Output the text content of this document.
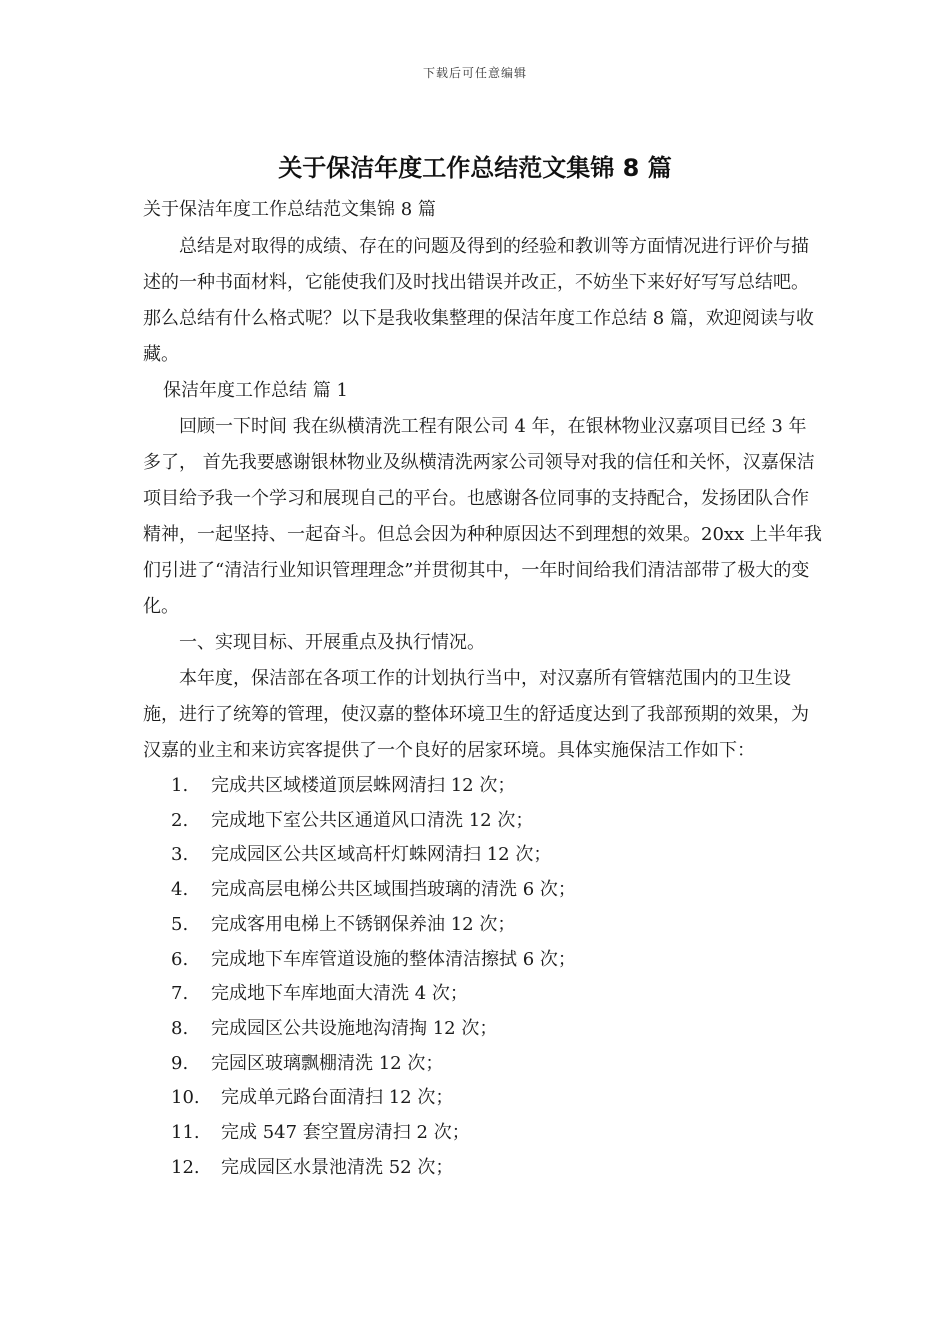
下载后可任意编辑
关于保洁年度工作总结范文集锦 8 篇

关于保洁年度工作总结范文集锦 8 篇

总结是对取得的成绩、存在的问题及得到的经验和教训等方面情况进行评价与描述的一种书面材料，它能使我们及时找出错误并改正，不妨坐下来好好写写总结吧。那么总结有什么格式呢？以下是我收集整理的保洁年度工作总结 8 篇，欢迎阅读与收藏。

保洁年度工作总结 篇 1

回顾一下时间 我在纵横清洗工程有限公司 4 年，在银林物业汉嘉项目已经 3 年多了， 首先我要感谢银林物业及纵横清洗两家公司领导对我的信任和关怀，汉嘉保洁项目给予我一个学习和展现自己的平台。也感谢各位同事的支持配合，发扬团队合作精神，一起坚持、一起奋斗。但总会因为种种原因达不到理想的效果。20xx 上半年我们引进了“清洁行业知识管理理念”并贯彻其中，一年时间给我们清洁部带了极大的变化。

一、实现目标、开展重点及执行情况。

本年度，保洁部在各项工作的计划执行当中，对汉嘉所有管辖范围内的卫生设施，进行了统筹的管理，使汉嘉的整体环境卫生的舒适度达到了我部预期的效果，为汉嘉的业主和来访宾客提供了一个良好的居家环境。具体实施保洁工作如下：

1. 完成共区域楼道顶层蛛网清扫 12 次；
2. 完成地下室公共区通道风口清洗 12 次；
3. 完成园区公共区域高杆灯蛛网清扫 12 次；
4. 完成高层电梯公共区域围挡玻璃的清洗 6 次；
5. 完成客用电梯上不锈钢保养油 12 次；
6. 完成地下车库管道设施的整体清洁擦拭 6 次；
7. 完成地下车库地面大清洗 4 次；
8. 完成园区公共设施地沟清掏 12 次；
9. 完园区玻璃飘棚清洗 12 次；
10. 完成单元路台面清扫 12 次；
11. 完成 547 套空置房清扫 2 次；
12. 完成园区水景池清洗 52 次；
